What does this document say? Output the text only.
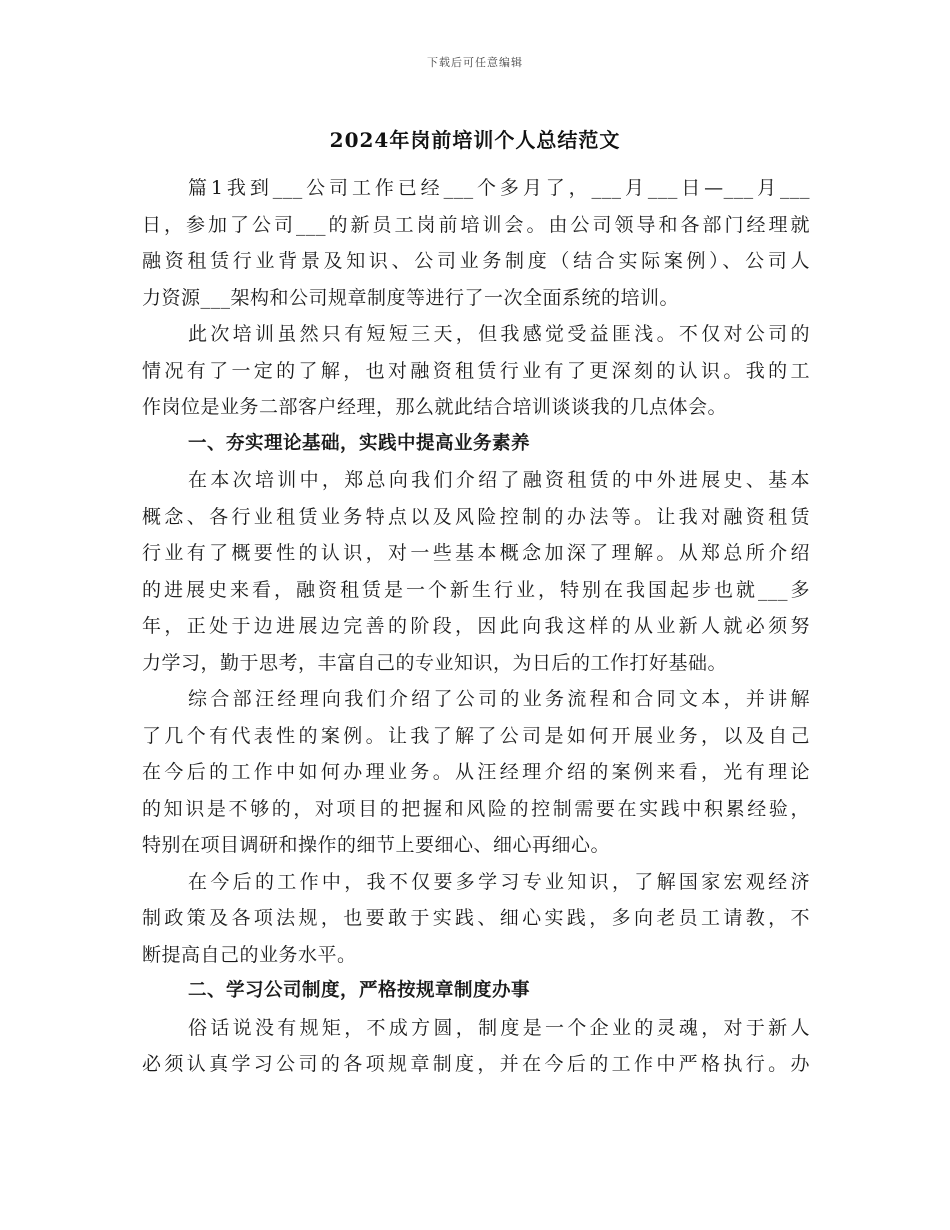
下载后可任意编辑
2024年岗前培训个人总结范文
篇1我到___公司工作已经___个多月了，___月___日—___月___
日，参加了公司___的新员工岗前培训会。由公司领导和各部门经理就
融资租赁行业背景及知识、公司业务制度（结合实际案例）、公司人
力资源___架构和公司规章制度等进行了一次全面系统的培训。
此次培训虽然只有短短三天，但我感觉受益匪浅。不仅对公司的
情况有了一定的了解，也对融资租赁行业有了更深刻的认识。我的工
作岗位是业务二部客户经理，那么就此结合培训谈谈我的几点体会。
一、夯实理论基础，实践中提高业务素养
在本次培训中，郑总向我们介绍了融资租赁的中外进展史、基本
概念、各行业租赁业务特点以及风险控制的办法等。让我对融资租赁
行业有了概要性的认识，对一些基本概念加深了理解。从郑总所介绍
的进展史来看，融资租赁是一个新生行业，特别在我国起步也就___多
年，正处于边进展边完善的阶段，因此向我这样的从业新人就必须努
力学习，勤于思考，丰富自己的专业知识，为日后的工作打好基础。
综合部汪经理向我们介绍了公司的业务流程和合同文本，并讲解
了几个有代表性的案例。让我了解了公司是如何开展业务，以及自己
在今后的工作中如何办理业务。从汪经理介绍的案例来看，光有理论
的知识是不够的，对项目的把握和风险的控制需要在实践中积累经验，
特别在项目调研和操作的细节上要细心、细心再细心。
在今后的工作中，我不仅要多学习专业知识，了解国家宏观经济
制政策及各项法规，也要敢于实践、细心实践，多向老员工请教，不
断提高自己的业务水平。
二、学习公司制度，严格按规章制度办事
俗话说没有规矩，不成方圆，制度是一个企业的灵魂，对于新人
必须认真学习公司的各项规章制度，并在今后的工作中严格执行。办
